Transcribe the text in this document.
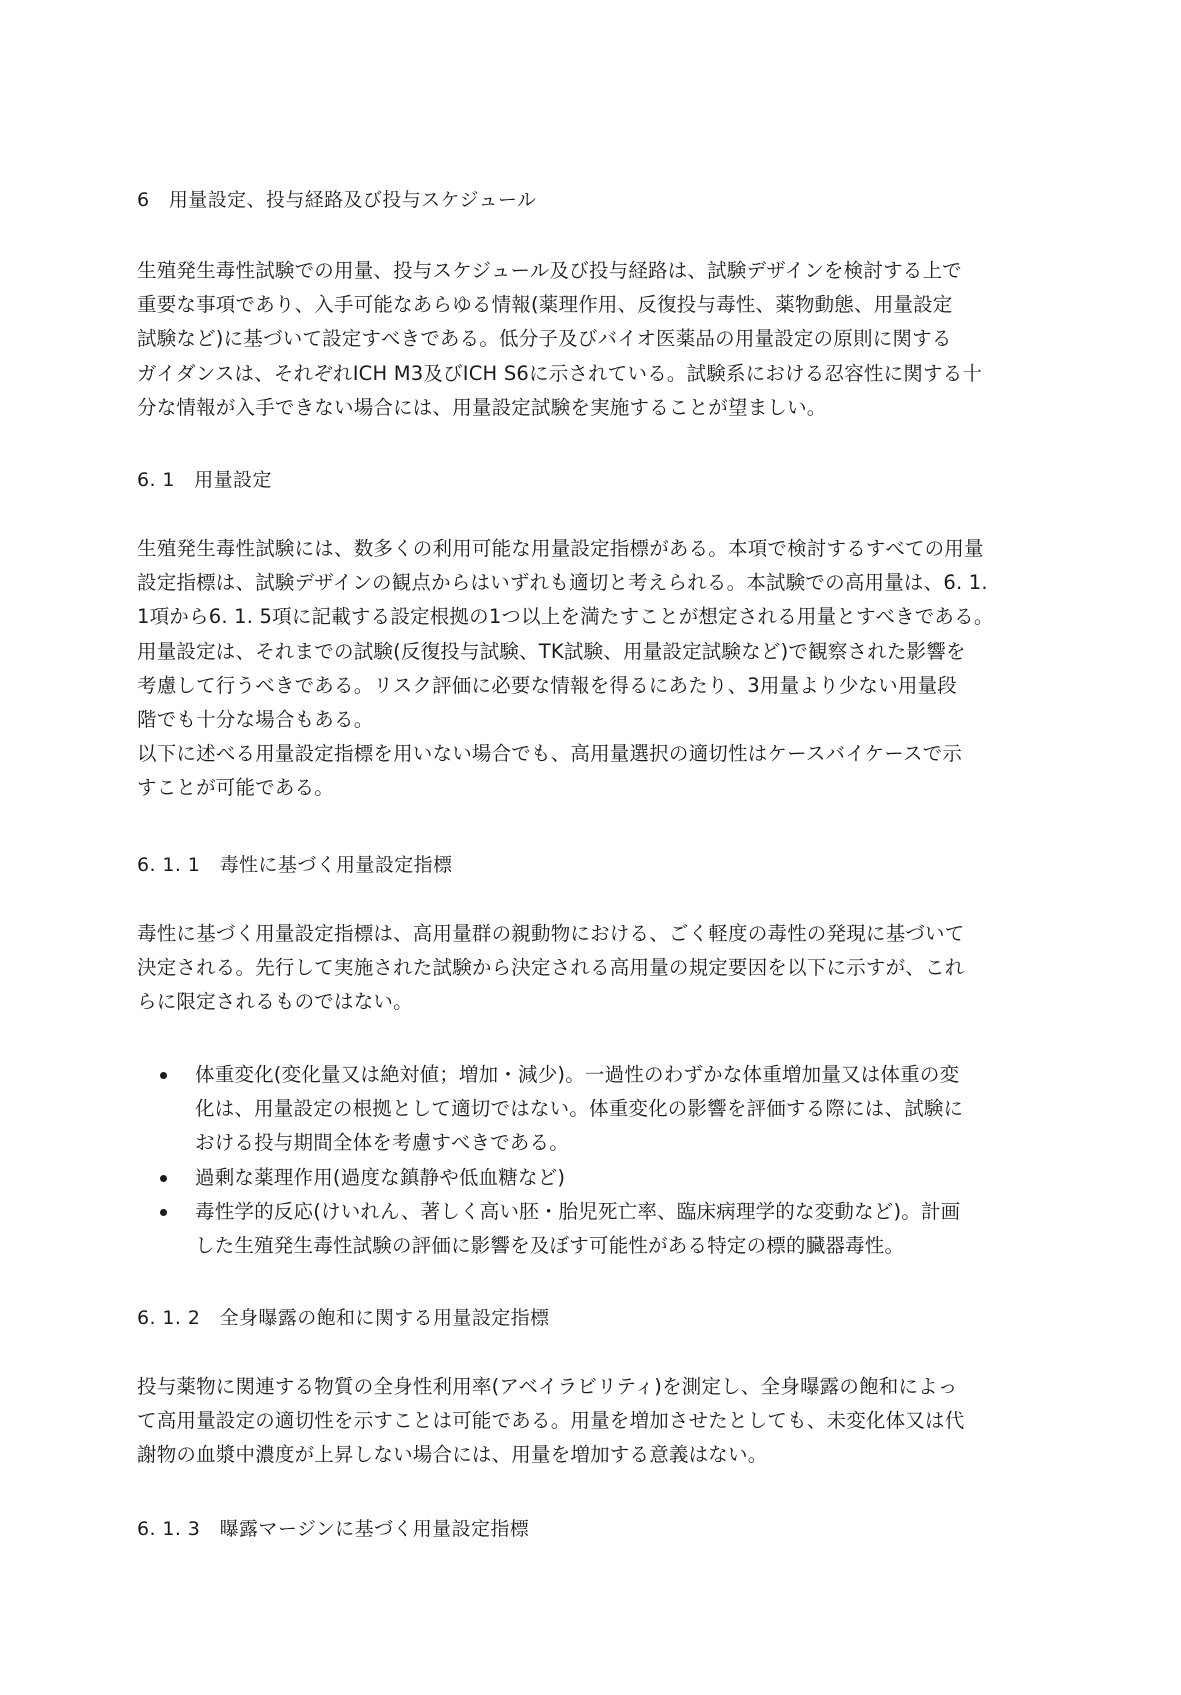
6　用量設定、投与経路及び投与スケジュール
生殖発生毒性試験での用量、投与スケジュール及び投与経路は、試験デザインを検討する上で
重要な事項であり、入手可能なあらゆる情報(薬理作用、反復投与毒性、薬物動態、用量設定
試験など)に基づいて設定すべきである。低分子及びバイオ医薬品の用量設定の原則に関する
ガイダンスは、それぞれICH M3及びICH S6に示されている。試験系における忍容性に関する十
分な情報が入手できない場合には、用量設定試験を実施することが望ましい。
6. 1　用量設定
生殖発生毒性試験には、数多くの利用可能な用量設定指標がある。本項で検討するすべての用量
設定指標は、試験デザインの観点からはいずれも適切と考えられる。本試験での高用量は、6. 1.
1項から6. 1. 5項に記載する設定根拠の1つ以上を満たすことが想定される用量とすべきである。
用量設定は、それまでの試験(反復投与試験、TK試験、用量設定試験など)で観察された影響を
考慮して行うべきである。リスク評価に必要な情報を得るにあたり、3用量より少ない用量段
階でも十分な場合もある。
以下に述べる用量設定指標を用いない場合でも、高用量選択の適切性はケースバイケースで示
すことが可能である。
6. 1. 1　毒性に基づく用量設定指標
毒性に基づく用量設定指標は、高用量群の親動物における、ごく軽度の毒性の発現に基づいて
決定される。先行して実施された試験から決定される高用量の規定要因を以下に示すが、これ
らに限定されるものではない。
体重変化(変化量又は絶対値；増加・減少)。一過性のわずかな体重増加量又は体重の変
化は、用量設定の根拠として適切ではない。体重変化の影響を評価する際には、試験に
おける投与期間全体を考慮すべきである。
過剰な薬理作用(過度な鎮静や低血糖など)
毒性学的反応(けいれん、著しく高い胚・胎児死亡率、臨床病理学的な変動など)。計画
した生殖発生毒性試験の評価に影響を及ぼす可能性がある特定の標的臓器毒性。
6. 1. 2　全身曝露の飽和に関する用量設定指標
投与薬物に関連する物質の全身性利用率(アベイラビリティ)を測定し、全身曝露の飽和によっ
て高用量設定の適切性を示すことは可能である。用量を増加させたとしても、未変化体又は代
謝物の血漿中濃度が上昇しない場合には、用量を増加する意義はない。
6. 1. 3　曝露マージンに基づく用量設定指標
